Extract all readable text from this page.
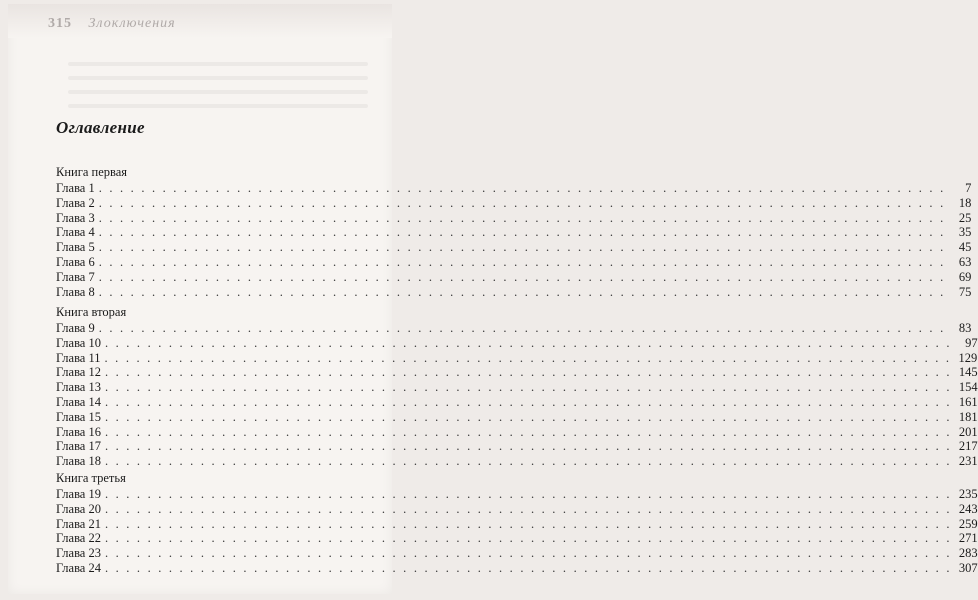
315 Злоключения
Оглавление
Книга первая
Глава 1 . . . . . . . . . . . . . . . . . . . . . . . . . . . . . . . . . . . . . . . . . . . . . . . . . . . . . . . . . . . . . . . . . . . . . . . . . . . . . . . .	7
Глава 2 . . . . . . . . . . . . . . . . . . . . . . . . . . . . . . . . . . . . . . . . . . . . . . . . . . . . . . . . . . . . . . . . . . . . . . . . . . . . . . . .	18
Глава 3 . . . . . . . . . . . . . . . . . . . . . . . . . . . . . . . . . . . . . . . . . . . . . . . . . . . . . . . . . . . . . . . . . . . . . . . . . . . . . . . .	25
Глава 4 . . . . . . . . . . . . . . . . . . . . . . . . . . . . . . . . . . . . . . . . . . . . . . . . . . . . . . . . . . . . . . . . . . . . . . . . . . . . . . . .	35
Глава 5 . . . . . . . . . . . . . . . . . . . . . . . . . . . . . . . . . . . . . . . . . . . . . . . . . . . . . . . . . . . . . . . . . . . . . . . . . . . . . . . .	45
Глава 6 . . . . . . . . . . . . . . . . . . . . . . . . . . . . . . . . . . . . . . . . . . . . . . . . . . . . . . . . . . . . . . . . . . . . . . . . . . . . . . . .	63
Глава 7 . . . . . . . . . . . . . . . . . . . . . . . . . . . . . . . . . . . . . . . . . . . . . . . . . . . . . . . . . . . . . . . . . . . . . . . . . . . . . . . .	69
Глава 8 . . . . . . . . . . . . . . . . . . . . . . . . . . . . . . . . . . . . . . . . . . . . . . . . . . . . . . . . . . . . . . . . . . . . . . . . . . . . . . . .	75
Книга вторая
Глава 9 . . . . . . . . . . . . . . . . . . . . . . . . . . . . . . . . . . . . . . . . . . . . . . . . . . . . . . . . . . . . . . . . . . . . . . . . . . . . . . . .	83
Глава 10 . . . . . . . . . . . . . . . . . . . . . . . . . . . . . . . . . . . . . . . . . . . . . . . . . . . . . . . . . . . . . . . . . . . . . . . . . . . . . . . .	97
Глава 11 . . . . . . . . . . . . . . . . . . . . . . . . . . . . . . . . . . . . . . . . . . . . . . . . . . . . . . . . . . . . . . . . . . . . . . . . . . . . . . . . 129
Глава 12 . . . . . . . . . . . . . . . . . . . . . . . . . . . . . . . . . . . . . . . . . . . . . . . . . . . . . . . . . . . . . . . . . . . . . . . . . . . . . . . . 145
Глава 13 . . . . . . . . . . . . . . . . . . . . . . . . . . . . . . . . . . . . . . . . . . . . . . . . . . . . . . . . . . . . . . . . . . . . . . . . . . . . . . . . 154
Глава 14 . . . . . . . . . . . . . . . . . . . . . . . . . . . . . . . . . . . . . . . . . . . . . . . . . . . . . . . . . . . . . . . . . . . . . . . . . . . . . . . . 161
Глава 15 . . . . . . . . . . . . . . . . . . . . . . . . . . . . . . . . . . . . . . . . . . . . . . . . . . . . . . . . . . . . . . . . . . . . . . . . . . . . . . . . 181
Глава 16 . . . . . . . . . . . . . . . . . . . . . . . . . . . . . . . . . . . . . . . . . . . . . . . . . . . . . . . . . . . . . . . . . . . . . . . . . . . . . . . . 201
Глава 17 . . . . . . . . . . . . . . . . . . . . . . . . . . . . . . . . . . . . . . . . . . . . . . . . . . . . . . . . . . . . . . . . . . . . . . . . . . . . . . . . 217
Глава 18 . . . . . . . . . . . . . . . . . . . . . . . . . . . . . . . . . . . . . . . . . . . . . . . . . . . . . . . . . . . . . . . . . . . . . . . . . . . . . . . . 231
Книга третья
Глава 19 . . . . . . . . . . . . . . . . . . . . . . . . . . . . . . . . . . . . . . . . . . . . . . . . . . . . . . . . . . . . . . . . . . . . . . . . . . . . . . . . 235
Глава 20 . . . . . . . . . . . . . . . . . . . . . . . . . . . . . . . . . . . . . . . . . . . . . . . . . . . . . . . . . . . . . . . . . . . . . . . . . . . . . . . . 243
Глава 21 . . . . . . . . . . . . . . . . . . . . . . . . . . . . . . . . . . . . . . . . . . . . . . . . . . . . . . . . . . . . . . . . . . . . . . . . . . . . . . . . 259
Глава 22 . . . . . . . . . . . . . . . . . . . . . . . . . . . . . . . . . . . . . . . . . . . . . . . . . . . . . . . . . . . . . . . . . . . . . . . . . . . . . . . . 271
Глава 23 . . . . . . . . . . . . . . . . . . . . . . . . . . . . . . . . . . . . . . . . . . . . . . . . . . . . . . . . . . . . . . . . . . . . . . . . . . . . . . . . 283
Глава 24 . . . . . . . . . . . . . . . . . . . . . . . . . . . . . . . . . . . . . . . . . . . . . . . . . . . . . . . . . . . . . . . . . . . . . . . . . . . . . . . . 307
